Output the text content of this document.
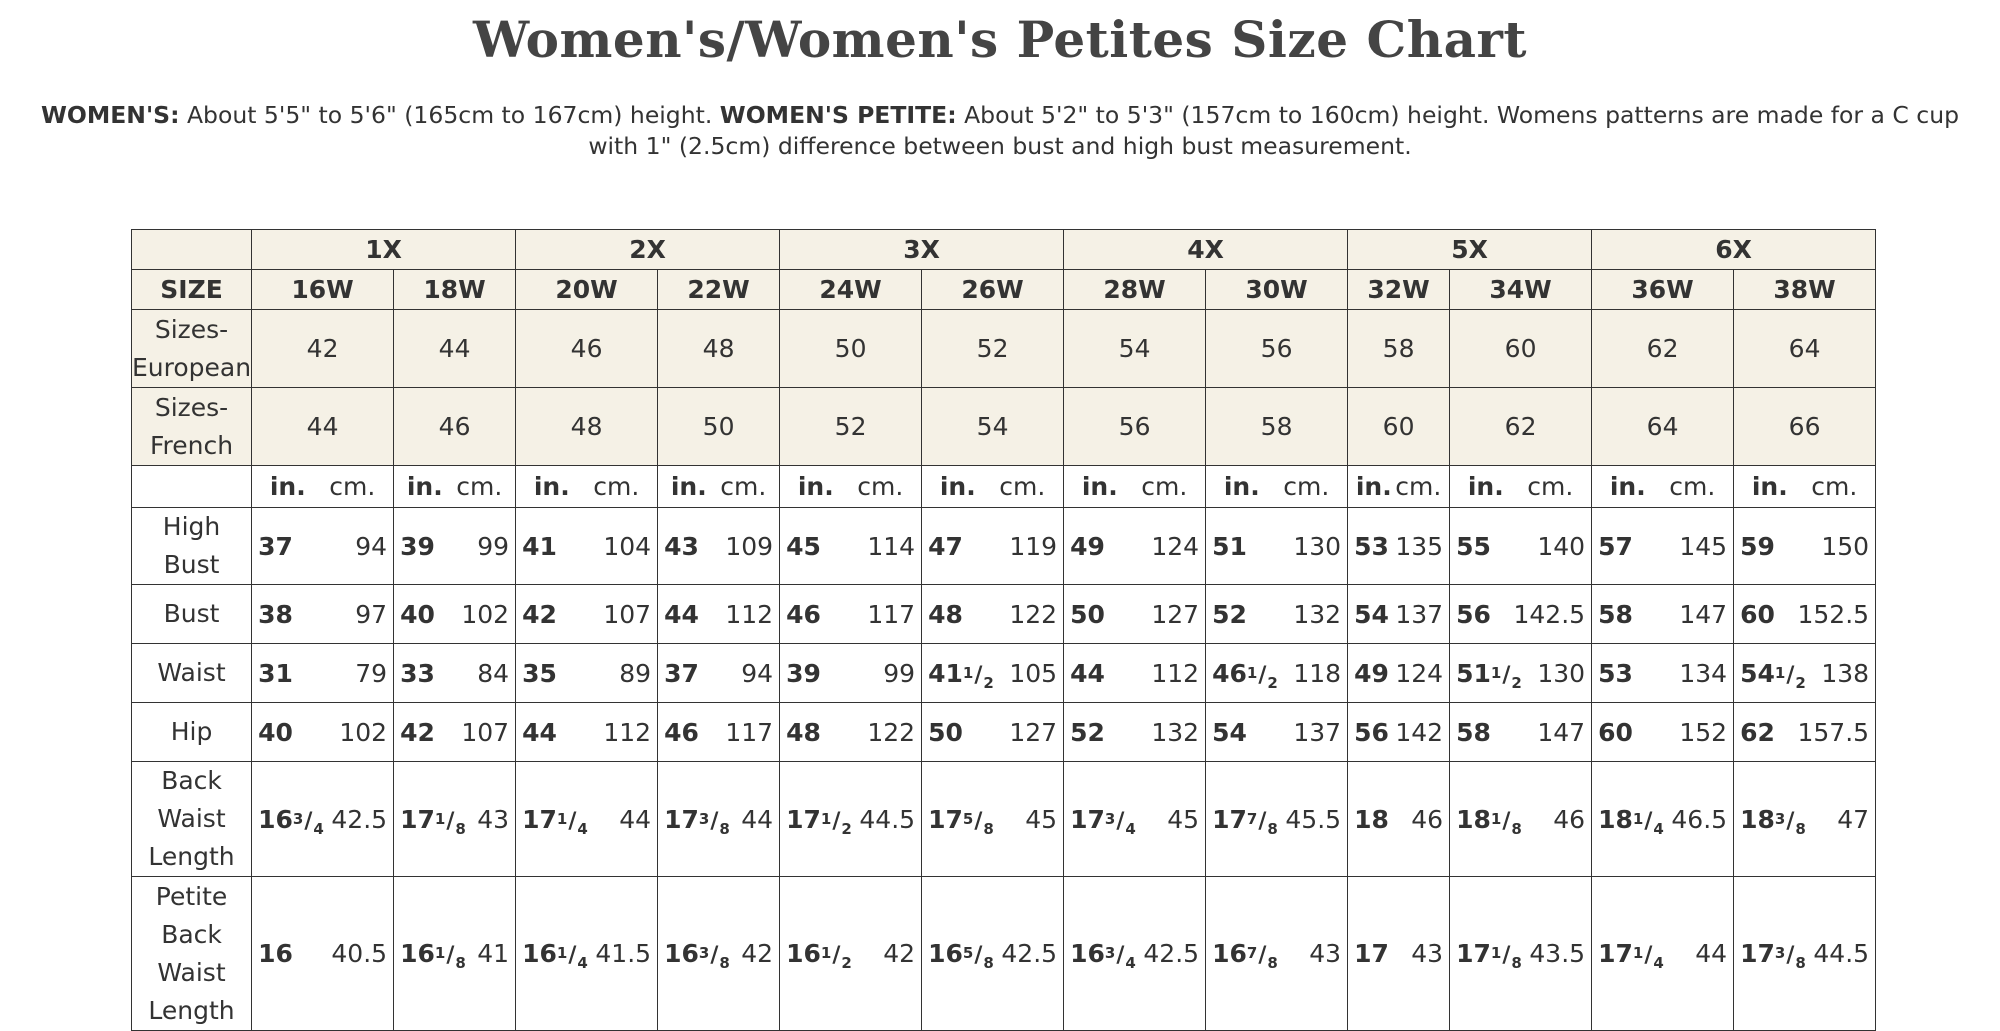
Women's/Women's Petites Size Chart

WOMEN'S: About 5'5" to 5'6" (165cm to 167cm) height. WOMEN'S PETITE: About 5'2" to 5'3" (157cm to 160cm) height. Womens patterns are made for a C cup with 1" (2.5cm) difference between bust and high bust measurement.

	1X		2X		3X		4X		5X		6X	
SIZE	16W	18W	20W	22W	24W	26W	28W	30W	32W	34W	36W	38W
Sizes-European	42	44	46	48	50	52	54	56	58	60	62	64
Sizes-French	44	46	48	50	52	54	56	58	60	62	64	66

	in. cm.	in. cm.	in. cm.	in. cm.	in. cm.	in. cm.	in. cm.	in. cm.	in. cm.	in. cm.	in. cm.	in. cm.

High Bust	37 94	39 99	41 104	43 109	45 114	47 119	49 124	51 130	53 135	55 140	57 145	59 150

Bust	38 97	40 102	42 107	44 112	46 117	48 122	50 127	52 132	54 137	56 142.5	58 147	60 152.5

Waist	31 79	33 84	35 89	37 94	39 99	$41^1$ $/_2$ 105	44 112	$46^1$ $/_2$ 118	49 124	$51^1$ $/_2$ 130	53 134	$54^1$ $/_2$ 138

Hip	40 102	42 107	44 112	46 117	48 122	50 127	52 132	54 137	56 142	58 147	60 152	62 157.5

Back Waist Length	$16^3$ $/_4$ 42.5	$17^1$ $/_8$ 43	$17^1$ $/_4$ 44	$17^3$ $/_8$ 44	$17^1$ $/_2$ 44.5	$17^5$ $/_8$ 45	$17^3$ $/_4$ 45	$17^7$ $/_8$ 45.5	18 46	$18^1$ $/_8$ 46	$18^1$ $/_4$ 46.5	$18^3$ $/_8$ 47

Petite Back Waist Length	16 40.5	$16^1$ $/_8$ 41	$16^1$ $/_4$ 41.5	$16^3$ $/_8$ 42	$16^1$ $/_2$ 42	$16^5$ $/_8$ 42.5	$16^3$ $/_4$ 42.5	$16^7$ $/_8$ 43	17 43	$17^1$ $/_8$ 43.5	$17^1$ $/_4$ 44	$17^3$ $/_8$ 44.5
